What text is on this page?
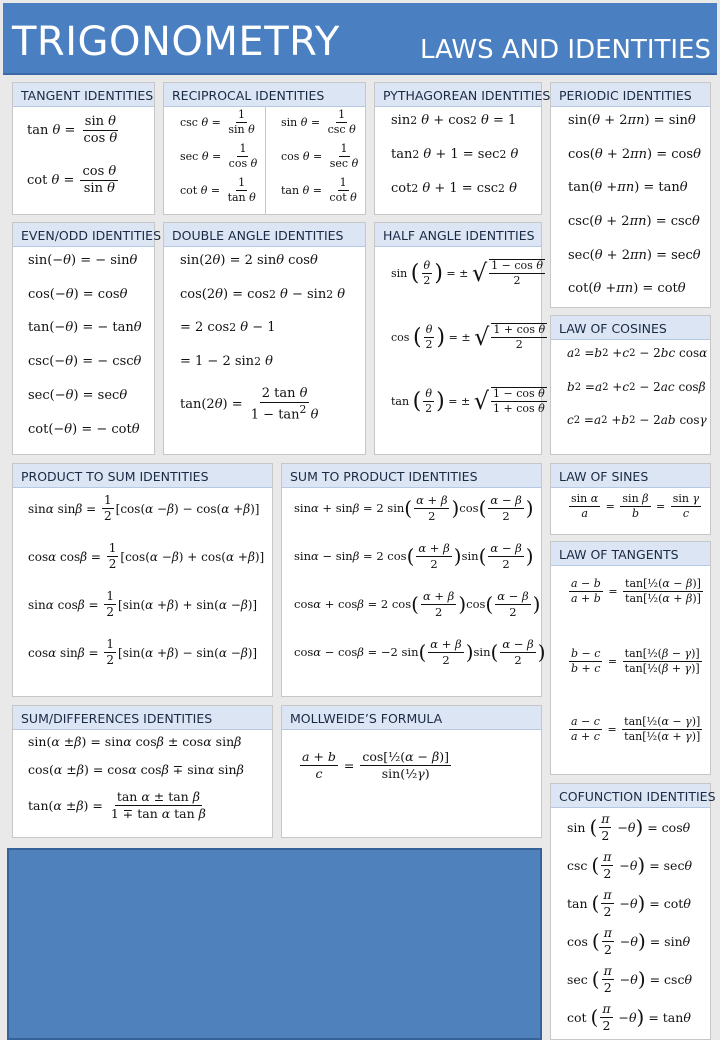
TRIGONOMETRY	LAWS AND IDENTITIES
TANGENT IDENTITIES
$\tan \theta = \frac{\text{sin θ}}{\text{cos θ}}$
$\cot \theta = \frac{\text{cos θ}}{\text{sin θ}}$
RECIPROCAL IDENTITIES
$\csc \theta = \frac{1}{\text{sin θ}}$
$\sec \theta = \frac{1}{\text{cos θ}}$
$\cot \theta = \frac{1}{\text{tan θ}}$
$\sin \theta = \frac{1}{\text{csc θ}}$
$\cos \theta = \frac{1}{\text{sec θ}}$
$\tan \theta = \frac{1}{\text{cot θ}}$
PYTHAGOREAN IDENTITIES
sin 2
θ + cos 2
θ = 1
tan 2
θ + 1 = sec 2
θ
cot 2
θ + 1 = csc 2
θ
PERIODIC IDENTITIES
sin( θ + 2 πn ) = sin θ
cos( θ + 2 πn ) = cos θ
tan( θ + πn ) = tan θ
csc( θ + 2 πn ) = csc θ
sec( θ + 2 πn ) = sec θ
cot( θ + πn ) = cot θ
EVEN/ODD IDENTITIES
sin(− θ ) = − sin θ
cos(− θ ) = cos θ
tan(− θ ) = − tan θ
csc(− θ ) = − csc θ
sec(− θ ) = sec θ
cot(− θ ) = − cot θ
DOUBLE ANGLE IDENTITIES
sin(2 θ ) = 2 sin θ cos θ
cos(2 θ ) = cos 2
θ − sin 2
θ
= 2 cos 2
θ − 1
= 1 − 2 sin 2
θ
tan(2 θ ) = $\frac{\text{2 tan θ}}{1 - \tan^2 \theta}$
HALF ANGLE IDENTITIES
sin ( $\frac{\theta}{2}$ ) = ± √ $\frac{\text{1 − cos θ}}{2}$
cos ( $\frac{\theta}{2}$ ) = ± √ $\frac{\text{1 + cos θ}}{2}$
tan ( $\frac{\theta}{2}$ ) = ± √ $\frac{\text{1 − cos θ}}{\text{1 + cos θ}}$
LAW OF COSINES
a 2 = b 2 + c 2 − 2 bc cos α
b 2 = a 2 + c 2 − 2 ac cos β
c 2 = a 2 + b 2 − 2 ab cos γ
PRODUCT TO SUM IDENTITIES
sin α $\sin \beta = \frac{1}{2} [\cos$( α − β ) − cos( α + β )]
cos α $\cos \beta = \frac{1}{2} [\cos$( α − β ) + cos( α + β )]
sin α $\cos \beta = \frac{1}{2} [\sin$( α + β ) + sin( α − β )]
cos α $\sin \beta = \frac{1}{2} [\sin$( α + β ) − sin( α − β )]
SUM TO PRODUCT IDENTITIES
sin α + sin β = 2 sin ( $\frac{\alpha + \beta}{2}$ ) cos ( $\frac{\alpha - \beta}{2}$ )
sin α − sin β = 2 cos ( $\frac{\alpha + \beta}{2}$ ) sin ( $\frac{\alpha - \beta}{2}$ )
cos α + cos β = 2 cos ( $\frac{\alpha + \beta}{2}$ ) cos ( $\frac{\alpha - \beta}{2}$ )
cos α − cos β = −2 sin ( $\frac{\alpha + \beta}{2}$ ) sin ( $\frac{\alpha - \beta}{2}$ )
LAW OF SINES
$\frac{\text{sin α}}{a} = \frac{\text{sin β}}{b} = \frac{\text{sin γ}}{c}$
LAW OF TANGENTS
$\frac{a - b}{a + b} = \frac{\text{tan[½(α − β)]}}{\text{tan[½(α + β)]}}$
$\frac{b - c}{b + c} = \frac{\text{tan[½(β − γ)]}}{\text{tan[½(β + γ)]}}$
$\frac{a - c}{a + c} = \frac{\text{tan[½(α − γ)]}}{\text{tan[½(α + γ)]}}$
SUM/DIFFERENCES IDENTITIES
sin( α ± β ) = sin α cos β ± cos α sin β
cos( α ± β ) = cos α cos β ∓ sin α sin β
tan( α ± β ) = $\frac{\text{tan α ± tan β}}{\text{1 ∓ tan α tan β}}$
MOLLWEIDE’S FORMULA
$\frac{a + b}{c} = \frac{\text{cos[½(α − β)]}}{\text{sin(½γ)}}$
COFUNCTION IDENTITIES
sin ( $\frac{\pi}{2} - \theta$ ) = cos θ
csc ( $\frac{\pi}{2} - \theta$ ) = sec θ
tan ( $\frac{\pi}{2} - \theta$ ) = cot θ
cos ( $\frac{\pi}{2} - \theta$ ) = sin θ
sec ( $\frac{\pi}{2} - \theta$ ) = csc θ
cot ( $\frac{\pi}{2} - \theta$ ) = tan θ
